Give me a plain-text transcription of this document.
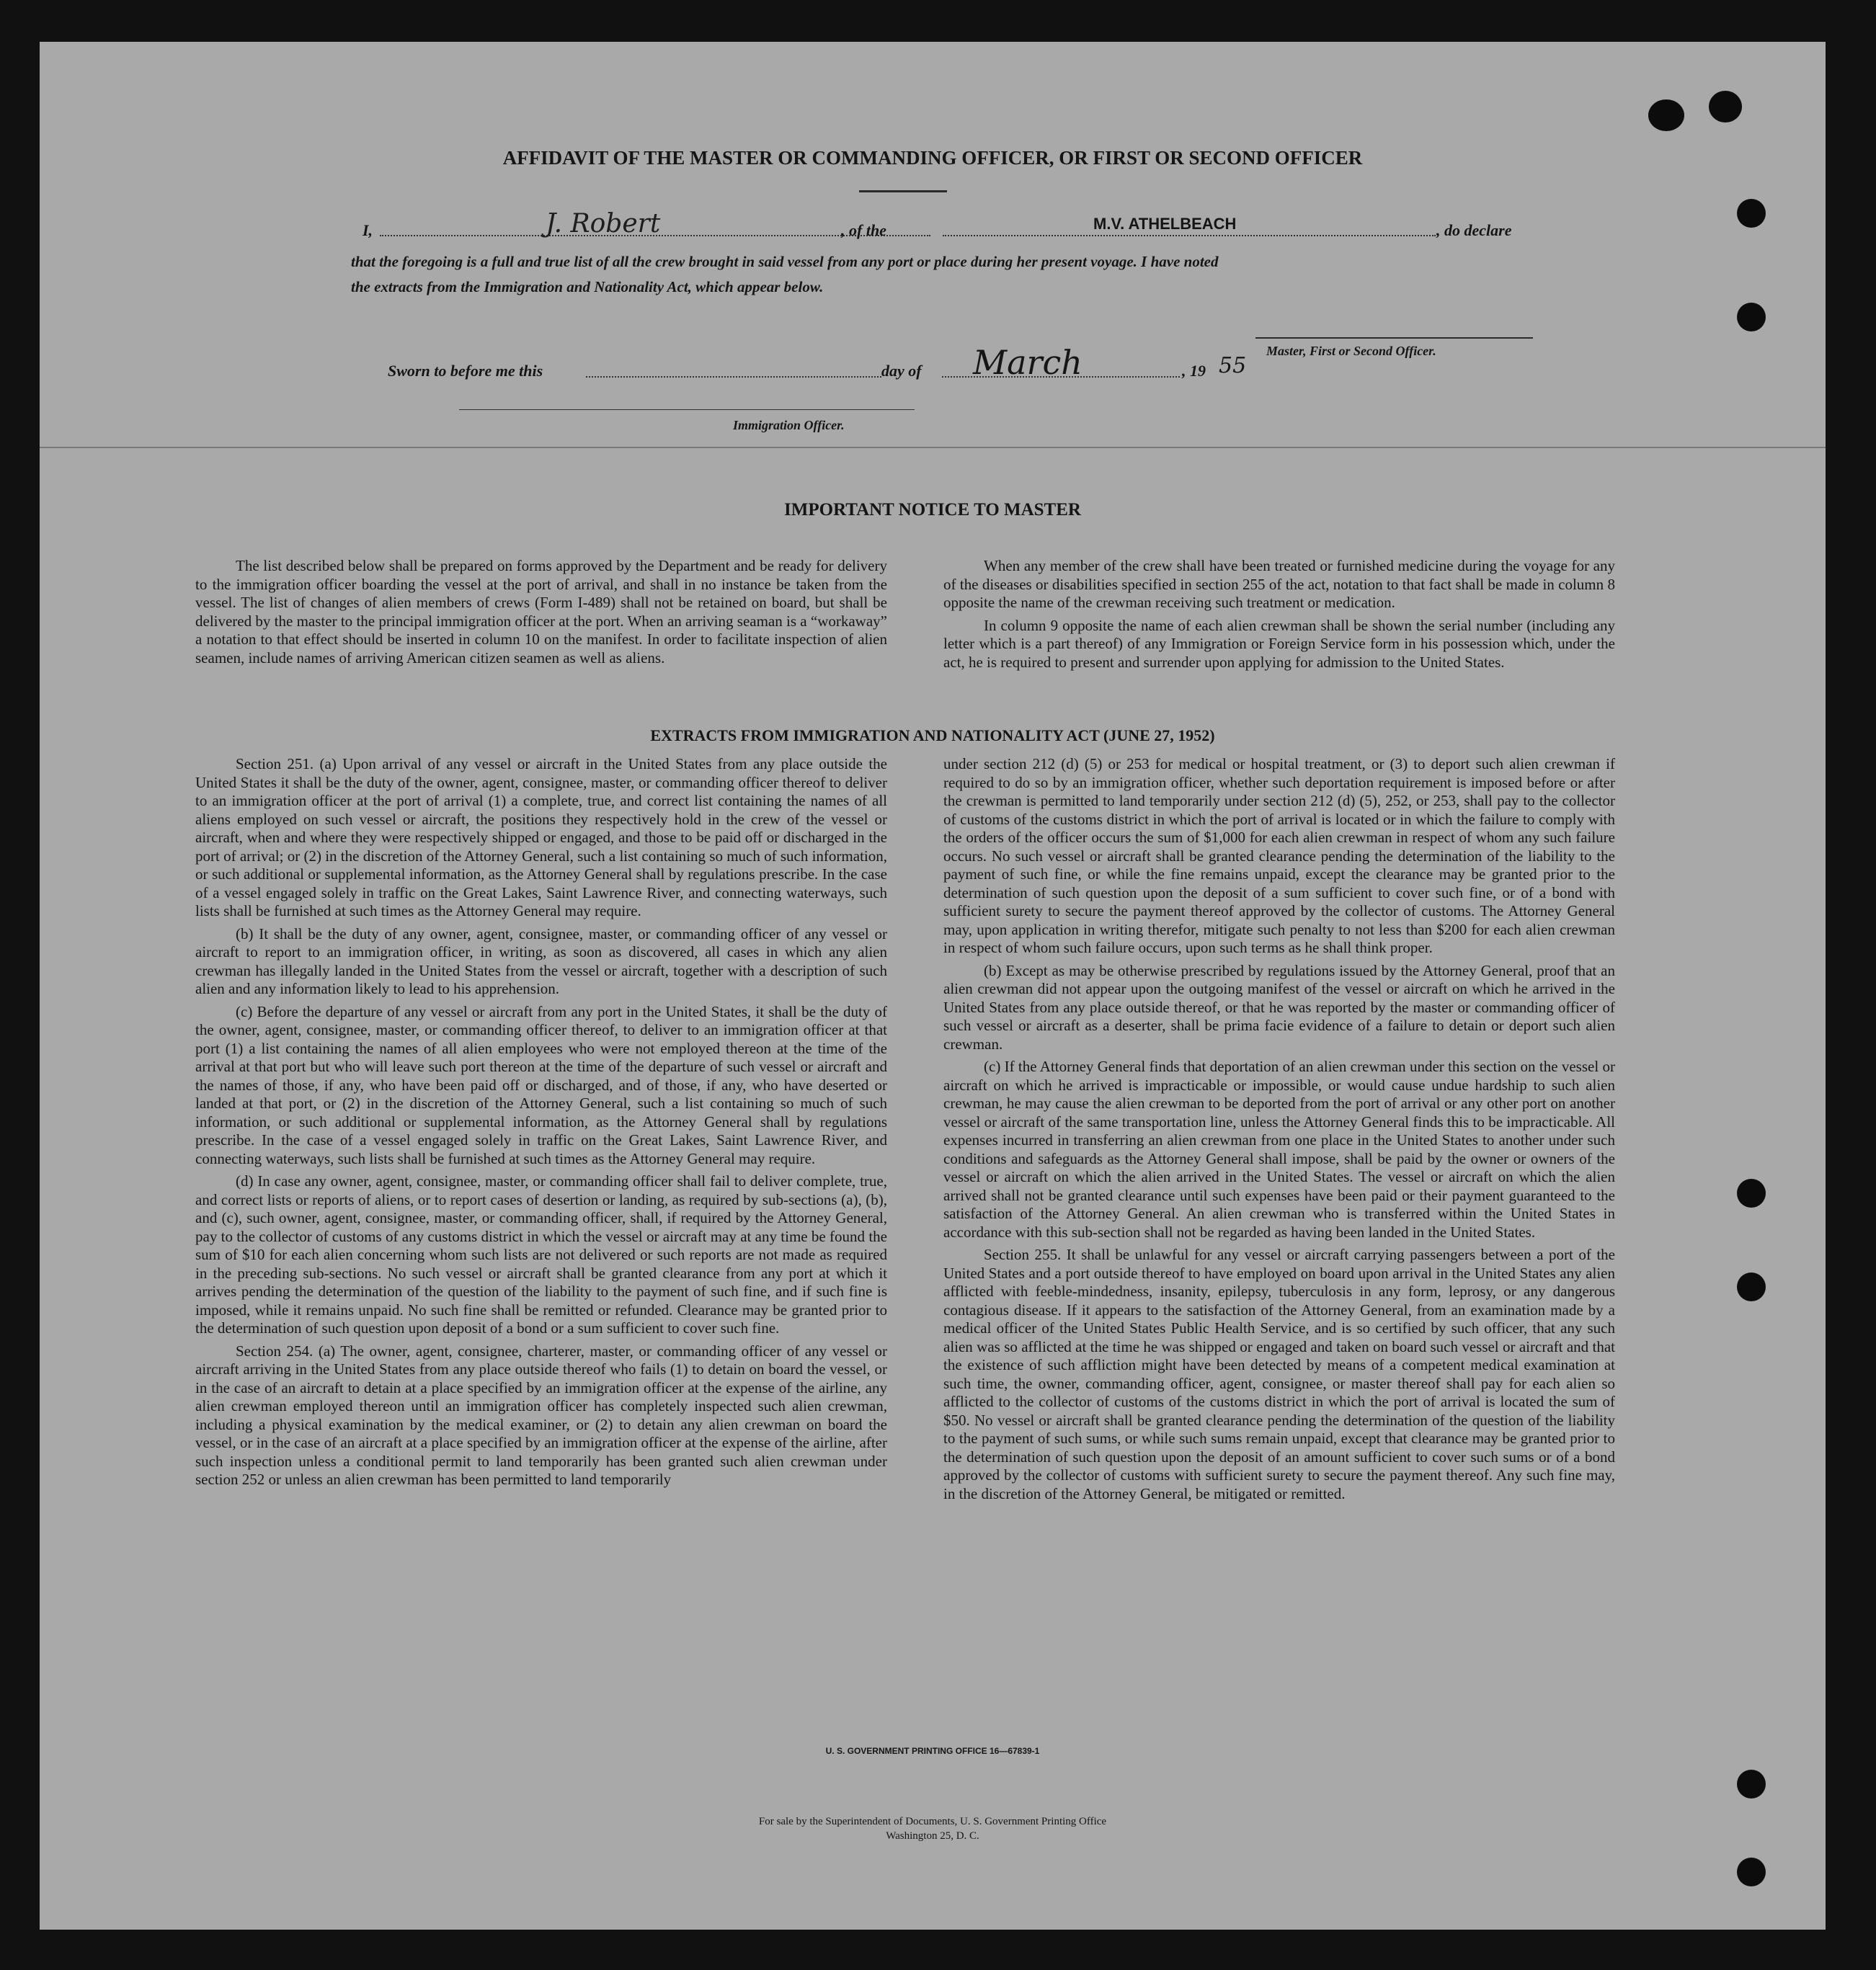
AFFIDAVIT OF THE MASTER OR COMMANDING OFFICER, OR FIRST OR SECOND OFFICER
I,	J. Robert	, of the	M.V. ATHELBEACH	, do declare
that the foregoing is a full and true list of all the crew brought in said vessel from any port or place during her present voyage. I have noted
the extracts from the Immigration and Nationality Act, which appear below.
Master, First or Second Officer.
Sworn to before me this	day of March	, 19 55
Immigration Officer.
IMPORTANT NOTICE TO MASTER

The list described below shall be prepared on forms approved by the Department and be ready for delivery to the immigration officer boarding the vessel at the port of arrival, and shall in no instance be taken from the vessel. The list of changes of alien members of crews (Form I-489) shall not be retained on board, but shall be delivered by the master to the principal immigration officer at the port. When an arriving seaman is a “workaway” a notation to that effect should be inserted in column 10 on the manifest. In order to facilitate inspection of alien seamen, include names of arriving American citizen seamen as well as aliens.

When any member of the crew shall have been treated or furnished medicine during the voyage for any of the diseases or disabilities specified in section 255 of the act, notation to that fact shall be made in column 8 opposite the name of the crewman receiving such treatment or medication.

In column 9 opposite the name of each alien crewman shall be shown the serial number (including any letter which is a part thereof) of any Immigration or Foreign Service form in his possession which, under the act, he is required to present and surrender upon applying for admission to the United States.

EXTRACTS FROM IMMIGRATION AND NATIONALITY ACT (JUNE 27, 1952)

Section 251. (a) Upon arrival of any vessel or aircraft in the United States from any place outside the United States it shall be the duty of the owner, agent, consignee, master, or commanding officer thereof to deliver to an immigration officer at the port of arrival (1) a complete, true, and correct list containing the names of all aliens employed on such vessel or aircraft, the positions they respectively hold in the crew of the vessel or aircraft, when and where they were respectively shipped or engaged, and those to be paid off or discharged in the port of arrival; or (2) in the discretion of the Attorney General, such a list containing so much of such information, or such additional or supplemental information, as the Attorney General shall by regulations prescribe. In the case of a vessel engaged solely in traffic on the Great Lakes, Saint Lawrence River, and connecting waterways, such lists shall be furnished at such times as the Attorney General may require.

(b) It shall be the duty of any owner, agent, consignee, master, or commanding officer of any vessel or aircraft to report to an immigration officer, in writing, as soon as discovered, all cases in which any alien crewman has illegally landed in the United States from the vessel or aircraft, together with a description of such alien and any information likely to lead to his apprehension.

(c) Before the departure of any vessel or aircraft from any port in the United States, it shall be the duty of the owner, agent, consignee, master, or commanding officer thereof, to deliver to an immigration officer at that port (1) a list containing the names of all alien employees who were not employed thereon at the time of the arrival at that port but who will leave such port thereon at the time of the departure of such vessel or aircraft and the names of those, if any, who have been paid off or discharged, and of those, if any, who have deserted or landed at that port, or (2) in the discretion of the Attorney General, such a list containing so much of such information, or such additional or supplemental information, as the Attorney General shall by regulations prescribe. In the case of a vessel engaged solely in traffic on the Great Lakes, Saint Lawrence River, and connecting waterways, such lists shall be furnished at such times as the Attorney General may require.

(d) In case any owner, agent, consignee, master, or commanding officer shall fail to deliver complete, true, and correct lists or reports of aliens, or to report cases of desertion or landing, as required by sub-sections (a), (b), and (c), such owner, agent, consignee, master, or commanding officer, shall, if required by the Attorney General, pay to the collector of customs of any customs district in which the vessel or aircraft may at any time be found the sum of $10 for each alien concerning whom such lists are not delivered or such reports are not made as required in the preceding sub-sections. No such vessel or aircraft shall be granted clearance from any port at which it arrives pending the determination of the question of the liability to the payment of such fine, and if such fine is imposed, while it remains unpaid. No such fine shall be remitted or refunded. Clearance may be granted prior to the determination of such question upon deposit of a bond or a sum sufficient to cover such fine.

Section 254. (a) The owner, agent, consignee, charterer, master, or commanding officer of any vessel or aircraft arriving in the United States from any place outside thereof who fails (1) to detain on board the vessel, or in the case of an aircraft to detain at a place specified by an immigration officer at the expense of the airline, any alien crewman employed thereon until an immigration officer has completely inspected such alien crewman, including a physical examination by the medical examiner, or (2) to detain any alien crewman on board the vessel, or in the case of an aircraft at a place specified by an immigration officer at the expense of the airline, after such inspection unless a conditional permit to land temporarily has been granted such alien crewman under section 252 or unless an alien crewman has been permitted to land temporarily

under section 212 (d) (5) or 253 for medical or hospital treatment, or (3) to deport such alien crewman if required to do so by an immigration officer, whether such deportation requirement is imposed before or after the crewman is permitted to land temporarily under section 212 (d) (5), 252, or 253, shall pay to the collector of customs of the customs district in which the port of arrival is located or in which the failure to comply with the orders of the officer occurs the sum of $1,000 for each alien crewman in respect of whom any such failure occurs. No such vessel or aircraft shall be granted clearance pending the determination of the liability to the payment of such fine, or while the fine remains unpaid, except the clearance may be granted prior to the determination of such question upon the deposit of a sum sufficient to cover such fine, or of a bond with sufficient surety to secure the payment thereof approved by the collector of customs. The Attorney General may, upon application in writing therefor, mitigate such penalty to not less than $200 for each alien crewman in respect of whom such failure occurs, upon such terms as he shall think proper.

(b) Except as may be otherwise prescribed by regulations issued by the Attorney General, proof that an alien crewman did not appear upon the outgoing manifest of the vessel or aircraft on which he arrived in the United States from any place outside thereof, or that he was reported by the master or commanding officer of such vessel or aircraft as a deserter, shall be prima facie evidence of a failure to detain or deport such alien crewman.

(c) If the Attorney General finds that deportation of an alien crewman under this section on the vessel or aircraft on which he arrived is impracticable or impossible, or would cause undue hardship to such alien crewman, he may cause the alien crewman to be deported from the port of arrival or any other port on another vessel or aircraft of the same transportation line, unless the Attorney General finds this to be impracticable. All expenses incurred in transferring an alien crewman from one place in the United States to another under such conditions and safeguards as the Attorney General shall impose, shall be paid by the owner or owners of the vessel or aircraft on which the alien arrived in the United States. The vessel or aircraft on which the alien arrived shall not be granted clearance until such expenses have been paid or their payment guaranteed to the satisfaction of the Attorney General. An alien crewman who is transferred within the United States in accordance with this sub-section shall not be regarded as having been landed in the United States.

Section 255. It shall be unlawful for any vessel or aircraft carrying passengers between a port of the United States and a port outside thereof to have employed on board upon arrival in the United States any alien afflicted with feeble-mindedness, insanity, epilepsy, tuberculosis in any form, leprosy, or any dangerous contagious disease. If it appears to the satisfaction of the Attorney General, from an examination made by a medical officer of the United States Public Health Service, and is so certified by such officer, that any such alien was so afflicted at the time he was shipped or engaged and taken on board such vessel or aircraft and that the existence of such affliction might have been detected by means of a competent medical examination at such time, the owner, commanding officer, agent, consignee, or master thereof shall pay for each alien so afflicted to the collector of customs of the customs district in which the port of arrival is located the sum of $50. No vessel or aircraft shall be granted clearance pending the determination of the question of the liability to the payment of such sums, or while such sums remain unpaid, except that clearance may be granted prior to the determination of such question upon the deposit of an amount sufficient to cover such sums or of a bond approved by the collector of customs with sufficient surety to secure the payment thereof. Any such fine may, in the discretion of the Attorney General, be mitigated or remitted.

U. S. GOVERNMENT PRINTING OFFICE 16—67839-1
For sale by the Superintendent of Documents, U. S. Government Printing Office
Washington 25, D. C.
